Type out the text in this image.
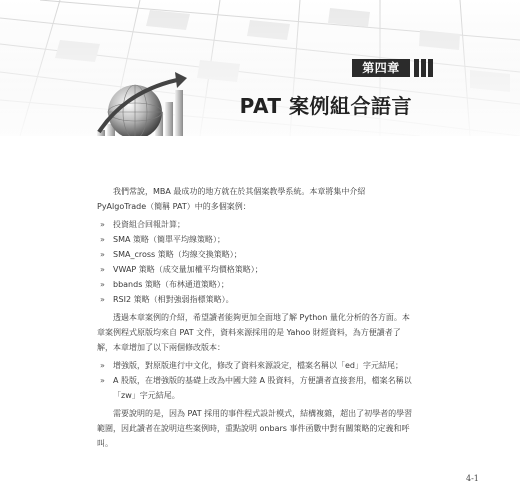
第四章
PAT 案例組合語言

我們常說，MBA 最成功的地方就在於其個案教學系統。本章將集中介紹 PyAlgoTrade（簡稱 PAT）中的多個案例：

» 投資組合回報計算；
» SMA 策略（簡單平均線策略）；
» SMA_cross 策略（均線交換策略）；
» VWAP 策略（成交量加權平均價格策略）；
» bbands 策略（布林通道策略）；
» RSI2 策略（相對強弱指標策略）。

透過本章案例的介紹，希望讀者能夠更加全面地了解 Python 量化分析的各方面。本章案例程式原版均來自 PAT 文件，資料來源採用的是 Yahoo 財經資料，為方便讀者了解，本章增加了以下兩個修改版本：

» 增強版，對原版進行中文化，修改了資料來源設定，檔案名稱以「ed」字元結尾；
» A 股版，在增強版的基礎上改為中國大陸 A 股資料，方便讀者直接套用，檔案名稱以「zw」字元結尾。

需要說明的是，因為 PAT 採用的事件程式設計模式，結構複雜，超出了初學者的學習範圍，因此讀者在說明這些案例時，重點說明 onbars 事件函數中對有關策略的定義和呼叫。

4-1
